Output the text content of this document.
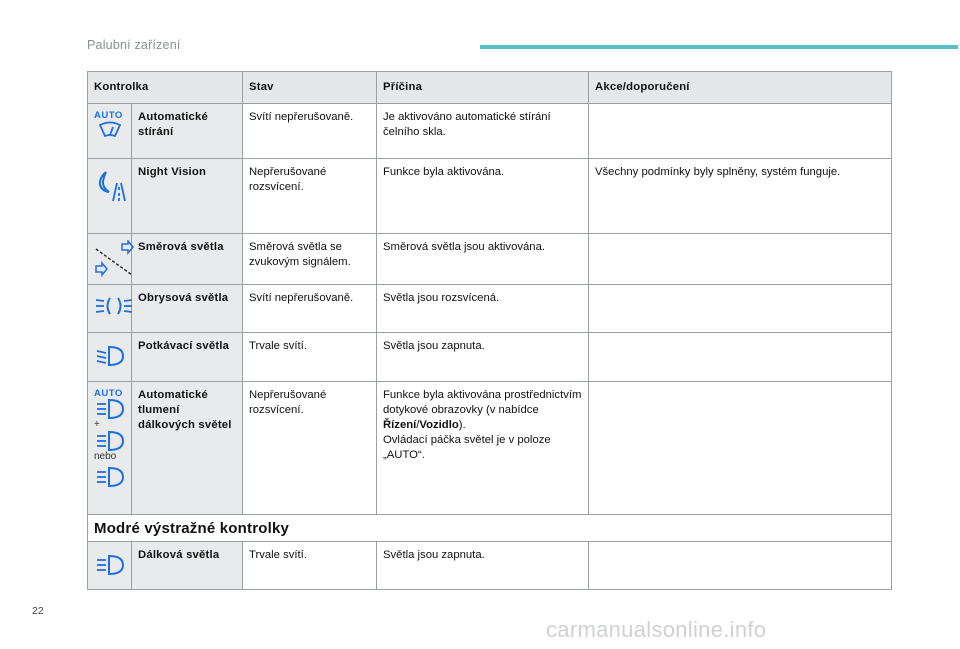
Palubní zařízení
Kontrolka		Stav	Příčina	Akce/doporučení

AUTO	Automatické stírání	Svítí nepřerušovaně.	Je aktivováno automatické stírání čelního skla.	

	Night Vision	Nepřerušované rozsvícení.	Funkce byla aktivována.	Všechny podmínky byly splněny, systém funguje.

	Směrová světla	Směrová světla se zvukovým signálem.	Směrová světla jsou aktivována.	

	Obrysová světla	Svítí nepřerušovaně.	Světla jsou rozsvícená.	

	Potkávací světla	Trvale svítí.	Světla jsou zapnuta.	

AUTO
+
nebo	Automatické tlumení dálkových světel	Nepřerušované rozsvícení.	Funkce byla aktivována prostřednictvím dotykové obrazovky (v nabídce Řízení/Vozidlo).
Ovládací páčka světel je v poloze „AUTO“.	
Modré výstražné kontrolky				

	Dálková světla	Trvale svítí.	Světla jsou zapnuta.	
22
carmanualsonline.info
